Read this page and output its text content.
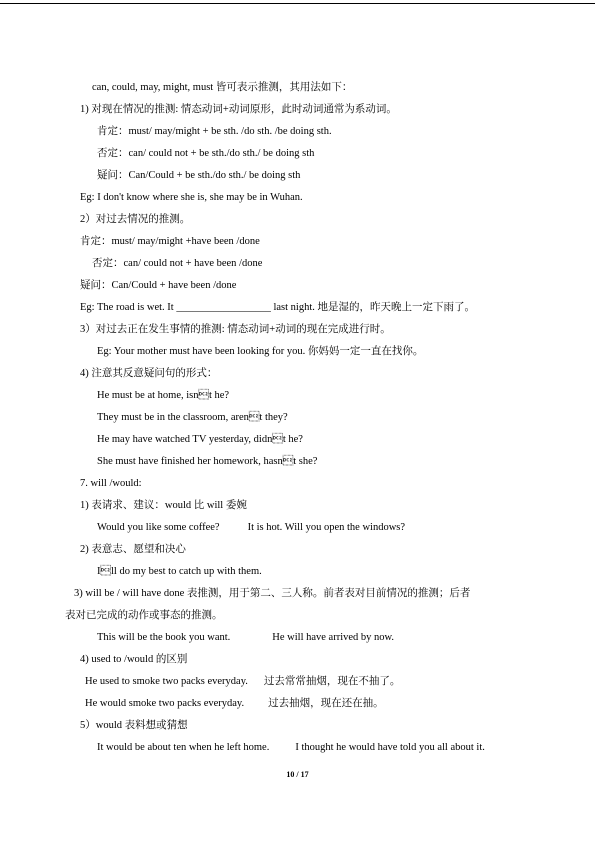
can, could, may, might, must 皆可表示推测，其用法如下：
1) 对现在情况的推测: 情态动词+动词原形，此时动词通常为系动词。
肯定：must/ may/might + be sth. /do sth. /be doing sth.
否定：can/ could not + be sth./do sth./ be doing sth
疑问：Can/Could + be sth./do sth./ be doing sth
Eg: I don't know where she is, she may be in Wuhan.
2）对过去情况的推测。
肯定：must/ may/might +have been /done
否定：can/ could not + have been /done
疑问：Can/Could + have been /done
Eg: The road is wet. It __________________ last night. 地是湿的，昨天晚上一定下雨了。
3）对过去正在发生事情的推测: 情态动词+动词的现在完成进行时。
Eg: Your mother must have been looking for you. 你妈妈一定一直在找你。
4) 注意其反意疑问句的形式：
He must be at home, isnt he?
They must be in the classroom, arent they?
He may have watched TV yesterday, didnt he?
She must have finished her homework, hasnt she?
7. will /would:
1) 表请求、建议：would 比 will 委婉
Would you like some coffee?	It is hot. Will you open the windows?
2) 表意志、愿望和决心
Ill do my best to catch up with them.
3) will be / will have done 表推测，用于第二、三人称。前者表对目前情况的推测；后者
表对已完成的动作或事态的推测。
This will be the book you want.	He will have arrived by now.
4) used to /would 的区别
He used to smoke two packs everyday. 过去常常抽烟，现在不抽了。
He would smoke two packs everyday. 过去抽烟，现在还在抽。
5）would 表料想或猜想
It would be about ten when he left home. I thought he would have told you all about it.
10 / 17
